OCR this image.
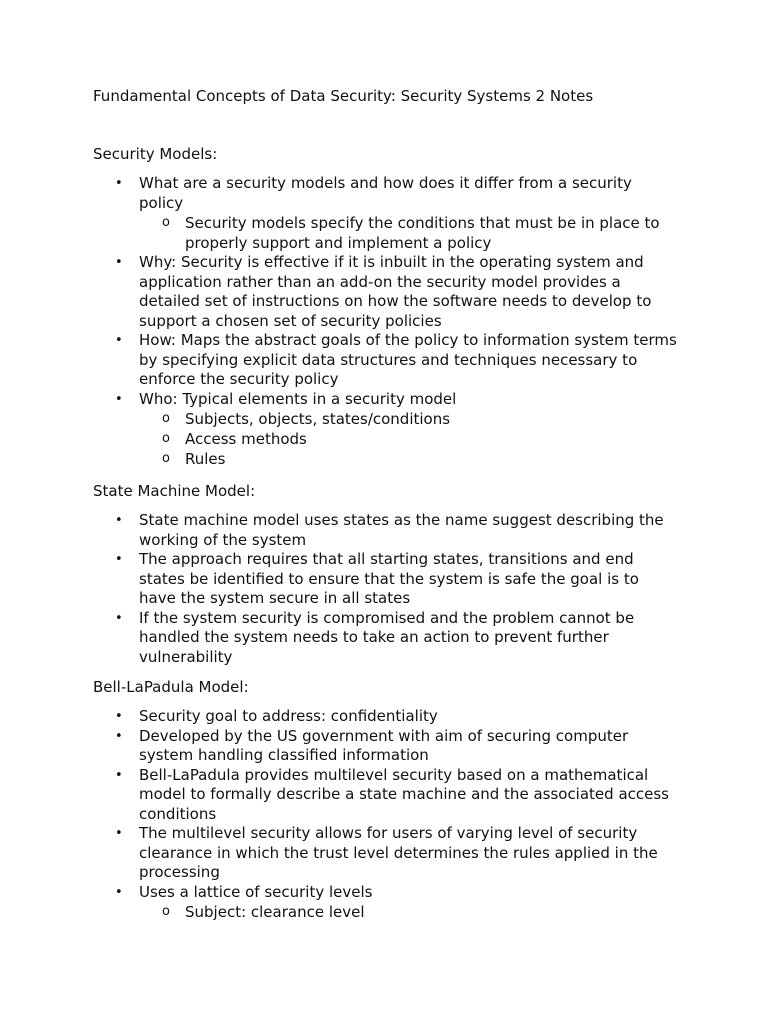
Fundamental Concepts of Data Security: Security Systems 2 Notes
Security Models:
• What are a security models and how does it differ from a security policy
o Security models specify the conditions that must be in place to properly support and implement a policy
• Why: Security is effective if it is inbuilt in the operating system and application rather than an add-on the security model provides a detailed set of instructions on how the software needs to develop to support a chosen set of security policies
• How: Maps the abstract goals of the policy to information system terms by specifying explicit data structures and techniques necessary to enforce the security policy
• Who: Typical elements in a security model
o Subjects, objects, states/conditions
o Access methods
o Rules
State Machine Model:
• State machine model uses states as the name suggest describing the working of the system
• The approach requires that all starting states, transitions and end states be identified to ensure that the system is safe the goal is to have the system secure in all states
• If the system security is compromised and the problem cannot be handled the system needs to take an action to prevent further vulnerability
Bell-LaPadula Model:
• Security goal to address: confidentiality
• Developed by the US government with aim of securing computer system handling classified information
• Bell-LaPadula provides multilevel security based on a mathematical model to formally describe a state machine and the associated access conditions
• The multilevel security allows for users of varying level of security clearance in which the trust level determines the rules applied in the processing
• Uses a lattice of security levels
o Subject: clearance level
